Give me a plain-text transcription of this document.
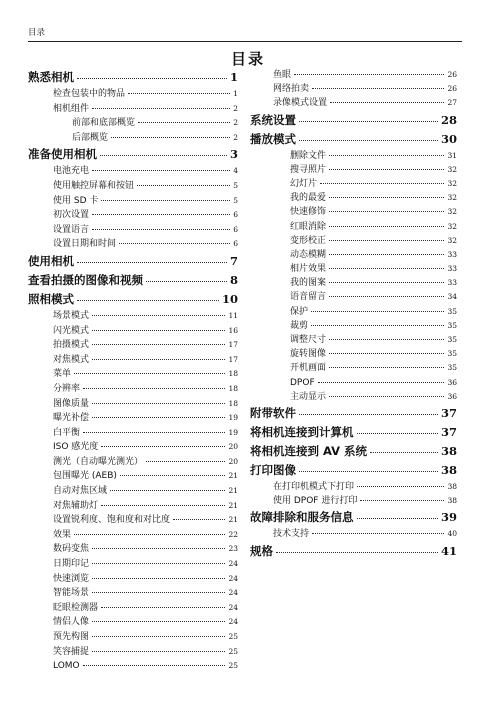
目录
目录
熟悉相机	1
检查包装中的物品	1
相机组件	2
前部和底部概览	2
后部概览	2
准备使用相机	3
电池充电	4
使用触控屏幕和按钮	5
使用 SD 卡	5
初次设置	6
设置语言	6
设置日期和时间	6
使用相机	7
查看拍摄的图像和视频	8
照相模式	10
场景模式	11
闪光模式	16
拍摄模式	17
对焦模式	17
菜单	18
分辨率	18
图像质量	18
曝光补偿	19
白平衡	19
ISO 感光度	20
测光（自动曝光测光）	20
包围曝光 (AEB)	21
自动对焦区域	21
对焦辅助灯	21
设置锐利度、饱和度和对比度	21
效果	22
数码变焦	23
日期印记	24
快速浏览	24
智能场景	24
眨眼检测器	24
情侣人像	24
预先构图	25
笑容捕捉	25
LOMO	25
鱼眼	26
网络拍卖	26
录像模式设置	27
系统设置	28
播放模式	30
删除文件	31
搜寻照片	32
幻灯片	32
我的最爱	32
快速修饰	32
红眼消除	32
变形校正	32
动态模糊	33
相片效果	33
我的图案	33
语音留言	34
保护	35
裁剪	35
调整尺寸	35
旋转图像	35
开机画面	35
DPOF	36
主动显示	36
附带软件	37
将相机连接到计算机	37
将相机连接到 AV 系统	38
打印图像	38
在打印机模式下打印	38
使用 DPOF 进行打印	38
故障排除和服务信息	39
技术支持	40
规格	41
